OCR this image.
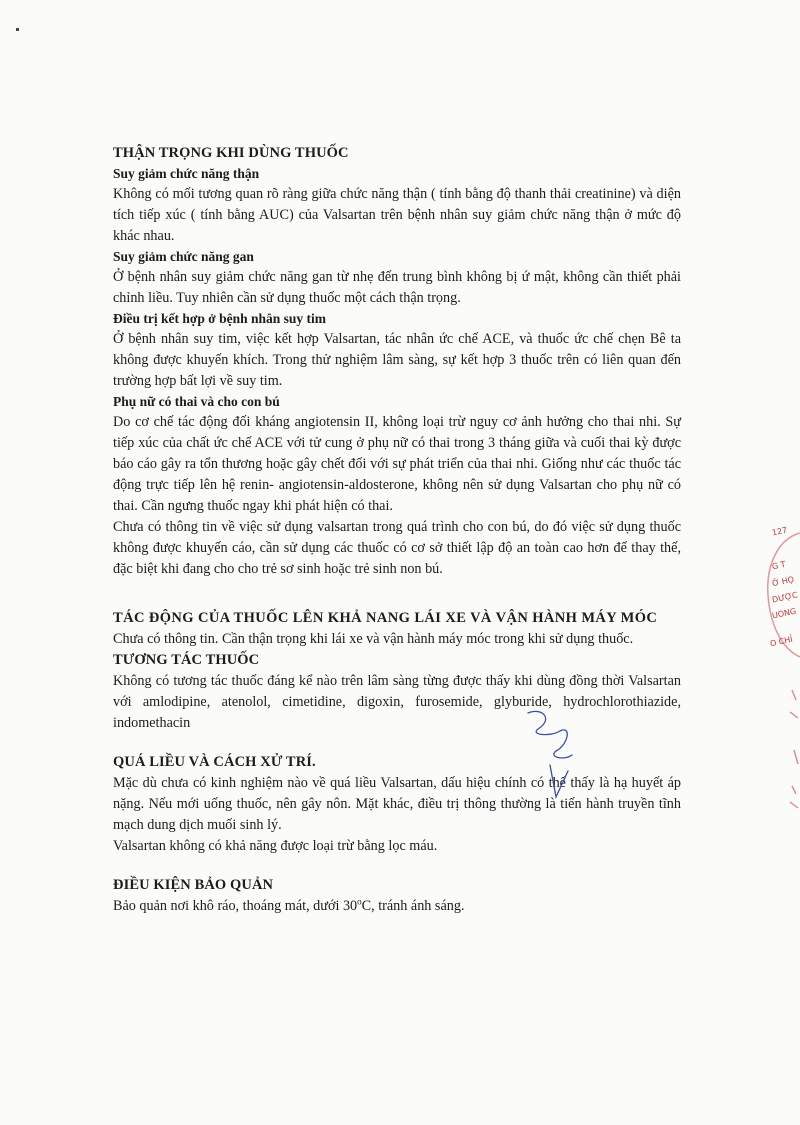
THẬN TRỌNG KHI DÙNG THUỐC
Suy giảm chức năng thận

Không có mối tương quan rõ ràng giữa chức năng thận ( tính bằng độ thanh thải creatinine) và diện tích tiếp xúc ( tính bằng AUC) của Valsartan trên bệnh nhân suy giảm chức năng thận ở mức độ khác nhau.

Suy giảm chức năng gan

Ở bệnh nhân suy giảm chức năng gan từ nhẹ đến trung bình không bị ứ mật, không cần thiết phải chỉnh liều. Tuy nhiên cần sử dụng thuốc một cách thận trọng.

Điều trị kết hợp ở bệnh nhân suy tim

Ở bệnh nhân suy tim, việc kết hợp Valsartan, tác nhân ức chế ACE, và thuốc ức chế chẹn Bê ta không được khuyến khích. Trong thử nghiệm lâm sàng, sự kết hợp 3 thuốc trên có liên quan đến trường hợp bất lợi về suy tim.

Phụ nữ có thai và cho con bú

Do cơ chế tác động đối kháng angiotensin II, không loại trừ nguy cơ ảnh hưởng cho thai nhi. Sự tiếp xúc của chất ức chế ACE với tử cung ở phụ nữ có thai trong 3 tháng giữa và cuối thai kỳ được báo cáo gây ra tổn thương hoặc gây chết đối với sự phát triển của thai nhi. Giống như các thuốc tác động trực tiếp lên hệ renin- angiotensin-aldosterone, không nên sử dụng Valsartan cho phụ nữ có thai. Cần ngưng thuốc ngay khi phát hiện có thai.

Chưa có thông tin về việc sử dụng valsartan trong quá trình cho con bú, do đó việc sử dụng thuốc không được khuyến cáo, cần sử dụng các thuốc có cơ sở thiết lập độ an toàn cao hơn để thay thế, đặc biệt khi đang cho cho trẻ sơ sinh hoặc trẻ sinh non bú.

TÁC ĐỘNG CỦA THUỐC LÊN KHẢ NANG LÁI XE VÀ VẬN HÀNH MÁY MÓC

Chưa có thông tin. Cần thận trọng khi lái xe và vận hành máy móc trong khi sử dụng thuốc.

TƯƠNG TÁC THUỐC

Không có tương tác thuốc đáng kể nào trên lâm sàng từng được thấy khi dùng đồng thời Valsartan với amlodipine, atenolol, cimetidine, digoxin, furosemide, glyburide, hydrochlorothiazide, indomethacin

QUÁ LIỀU VÀ CÁCH XỬ TRÍ.

Mặc dù chưa có kinh nghiệm nào về quá liều Valsartan, dấu hiệu chính có thể thấy là hạ huyết áp nặng. Nếu mới uống thuốc, nên gây nôn. Mặt khác, điều trị thông thường là tiến hành truyền tĩnh mạch dung dịch muối sinh lý.

Valsartan không có khả năng được loại trừ bằng lọc máu.

ĐIỀU KIỆN BẢO QUẢN

Bảo quản nơi khô ráo, thoáng mát, dưới 30$^o$C, tránh ánh sáng.

127
G T
Ở HỌ
DƯỢC
UONG
O CHỈ
